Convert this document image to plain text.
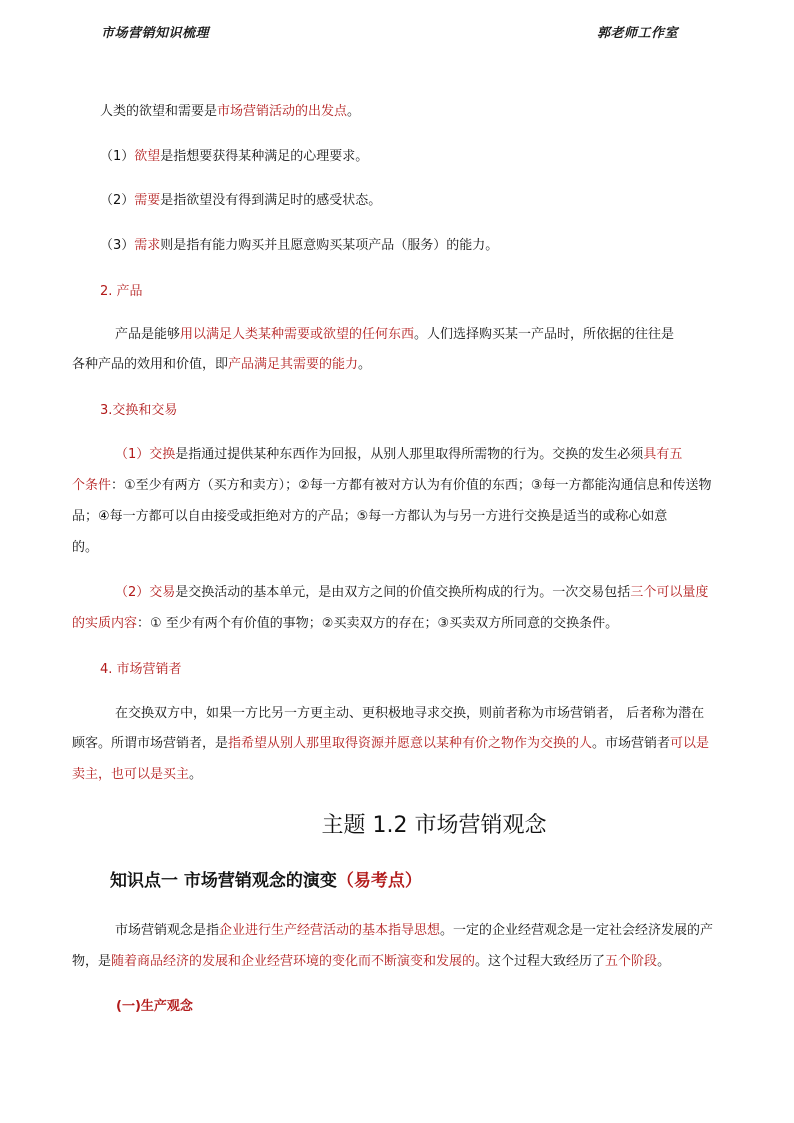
市场营销知识梳理	郭老师工作室
人类的欲望和需要是市场营销活动的出发点。
（1）欲望是指想要获得某种满足的心理要求。
（2）需要是指欲望没有得到满足时的感受状态。
（3）需求则是指有能力购买并且愿意购买某项产品（服务）的能力。
2. 产品
产品是能够用以满足人类某种需要或欲望的任何东西。人们选择购买某一产品时，所依据的往往是
各种产品的效用和价值，即产品满足其需要的能力。
3.交换和交易
（1）交换是指通过提供某种东西作为回报，从别人那里取得所需物的行为。交换的发生必须具有五
个条件：①至少有两方（买方和卖方）；②每一方都有被对方认为有价值的东西；③每一方都能沟通信息和传送物
品；④每一方都可以自由接受或拒绝对方的产品；⑤每一方都认为与另一方进行交换是适当的或称心如意
的。
（2）交易是交换活动的基本单元，是由双方之间的价值交换所构成的行为。一次交易包括三个可以量度
的实质内容：① 至少有两个有价值的事物；②买卖双方的存在；③买卖双方所同意的交换条件。
4. 市场营销者
在交换双方中，如果一方比另一方更主动、更积极地寻求交换，则前者称为市场营销者， 后者称为潜在
顾客。所谓市场营销者，是指希望从别人那里取得资源并愿意以某种有价之物作为交换的人。市场营销者可以是
卖主，也可以是买主。
主题 1.2 市场营销观念
知识点一 市场营销观念的演变（易考点）
市场营销观念是指企业进行生产经营活动的基本指导思想。一定的企业经营观念是一定社会经济发展的产
物，是随着商品经济的发展和企业经营环境的变化而不断演变和发展的。这个过程大致经历了五个阶段。
(一)生产观念
